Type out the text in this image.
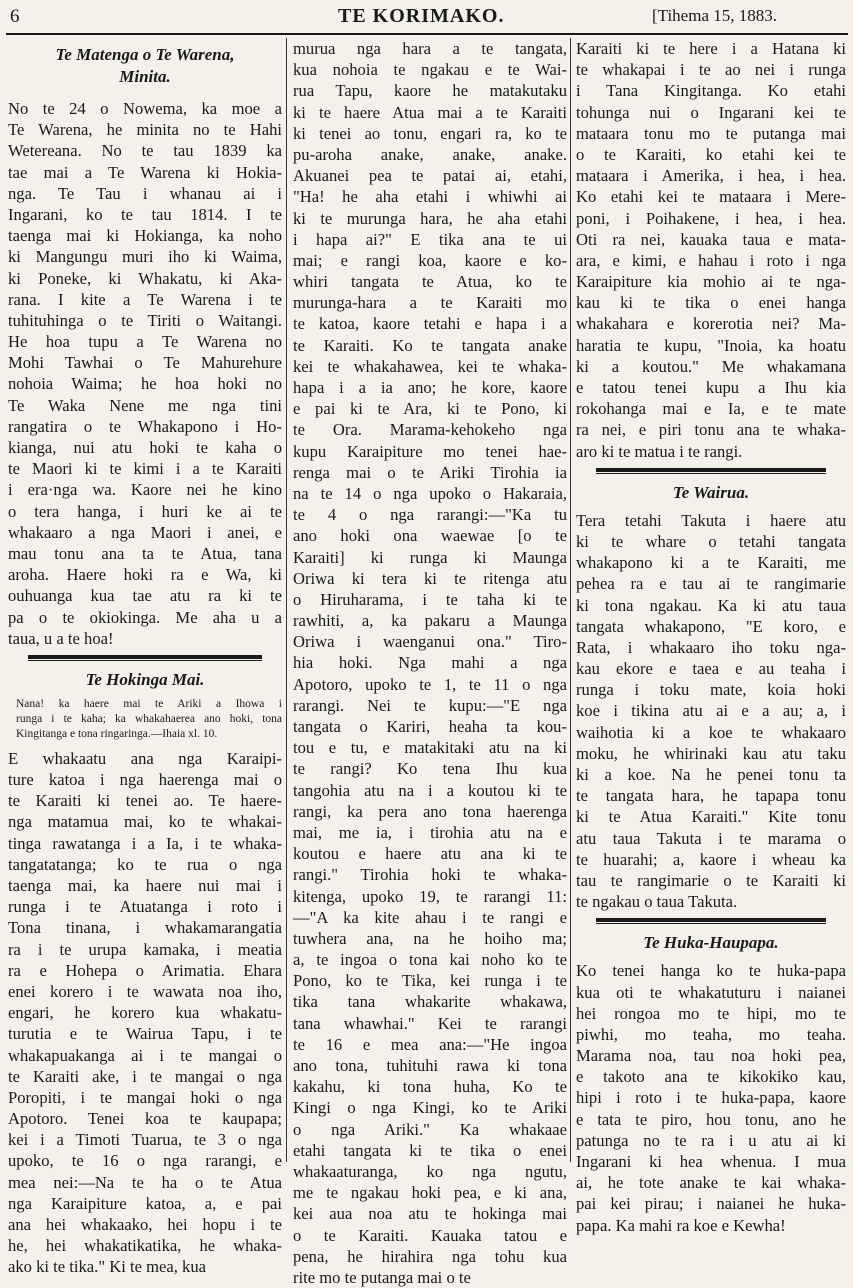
6	TE KORIMAKO.	[Tihema 15, 1883.
Te Matenga o Te Warena,
Minita.
No te 24 o Nowema, ka moe a
Te Warena, he minita no te Hahi
Wetereana. No te tau 1839 ka
tae mai a Te Warena ki Hokia-
nga. Te Tau i whanau ai i
Ingarani, ko te tau 1814. I te
taenga mai ki Hokianga, ka noho
ki Mangungu muri iho ki Waima,
ki Poneke, ki Whakatu, ki Aka-
rana. I kite a Te Warena i te
tuhituhinga o te Tiriti o Waitangi.
He hoa tupu a Te Warena no
Mohi Tawhai o Te Mahurehure
nohoia Waima; he hoa hoki no
Te Waka Nene me nga tini
rangatira o te Whakapono i Ho-
kianga, nui atu hoki te kaha o
te Maori ki te kimi i a te Karaiti
i era·nga wa. Kaore nei he kino
o tera hanga, i huri ke ai te
whakaaro a nga Maori i anei, e
mau tonu ana ta te Atua, tana
aroha. Haere hoki ra e Wa, ki
ouhuanga kua tae atu ra ki te
pa o te okiokinga. Me aha u a
taua, u a te hoa!
Te Hokinga Mai.
Nana! ka haere mai te Ariki a Ihowa i
runga i te kaha; ka whakahaerea ano hoki, tona
Kingitanga e tona ringaringa.—Ihaia xl. 10.
E whakaatu ana nga Karaipi-
ture katoa i nga haerenga mai o
te Karaiti ki tenei ao. Te haere-
nga matamua mai, ko te whakai-
tinga rawatanga i a Ia, i te whaka-
tangatatanga; ko te rua o nga
taenga mai, ka haere nui mai i
runga i te Atuatanga i roto i
Tona tinana, i whakamarangatia
ra i te urupa kamaka, i meatia
ra e Hohepa o Arimatia. Ehara
enei korero i te wawata noa iho,
engari, he korero kua whakatu-
turutia e te Wairua Tapu, i te
whakapuakanga ai i te mangai o
te Karaiti ake, i te mangai o nga
Poropiti, i te mangai hoki o nga
Apotoro. Tenei koa te kaupapa;
kei i a Timoti Tuarua, te 3 o nga
upoko, te 16 o nga rarangi, e
mea nei:—Na te ha o te Atua
nga Karaipiture katoa, a, e pai
ana hei whakaako, hei hopu i te
he, hei whakatikatika, he whaka-
ako ki te tika." Ki te mea, kua
murua nga hara a te tangata,
kua nohoia te ngakau e te Wai-
rua Tapu, kaore he matakutaku
ki te haere Atua mai a te Karaiti
ki tenei ao tonu, engari ra, ko te
pu-aroha anake, anake, anake.
Akuanei pea te patai ai, etahi,
"Ha! he aha etahi i whiwhi ai
ki te murunga hara, he aha etahi
i hapa ai?" E tika ana te ui
mai; e rangi koa, kaore e ko-
whiri tangata te Atua, ko te
murunga-hara a te Karaiti mo
te katoa, kaore tetahi e hapa i a
te Karaiti. Ko te tangata anake
kei te whakahawea, kei te whaka-
hapa i a ia ano; he kore, kaore
e pai ki te Ara, ki te Pono, ki
te Ora. Marama-kehokeho nga
kupu Karaipiture mo tenei hae-
renga mai o te Ariki Tirohia ia
na te 14 o nga upoko o Hakaraia,
te 4 o nga rarangi:—"Ka tu
ano hoki ona waewae [o te
Karaiti] ki runga ki Maunga
Oriwa ki tera ki te ritenga atu
o Hiruharama, i te taha ki te
rawhiti, a, ka pakaru a Maunga
Oriwa i waenganui ona." Tiro-
hia hoki. Nga mahi a nga
Apotoro, upoko te 1, te 11 o nga
rarangi. Nei te kupu:—"E nga
tangata o Kariri, heaha ta kou-
tou e tu, e matakitaki atu na ki
te rangi? Ko tena Ihu kua
tangohia atu na i a koutou ki te
rangi, ka pera ano tona haerenga
mai, me ia, i tirohia atu na e
koutou e haere atu ana ki te
rangi." Tirohia hoki te whaka-
kitenga, upoko 19, te rarangi 11:
—"A ka kite ahau i te rangi e
tuwhera ana, na he hoiho ma;
a, te ingoa o tona kai noho ko te
Pono, ko te Tika, kei runga i te
tika tana whakarite whakawa,
tana whawhai." Kei te rarangi
te 16 e mea ana:—"He ingoa
ano tona, tuhituhi rawa ki tona
kakahu, ki tona huha, Ko te
Kingi o nga Kingi, ko te Ariki
o nga Ariki." Ka whakaae
etahi tangata ki te tika o enei
whakaaturanga, ko nga ngutu,
me te ngakau hoki pea, e ki ana,
kei aua noa atu te hokinga mai
o te Karaiti. Kauaka tatou e
pena, he hirahira nga tohu kua
rite mo te putanga mai o te
Karaiti ki te here i a Hatana ki
te whakapai i te ao nei i runga
i Tana Kingitanga. Ko etahi
tohunga nui o Ingarani kei te
mataara tonu mo te putanga mai
o te Karaiti, ko etahi kei te
mataara i Amerika, i hea, i hea.
Ko etahi kei te mataara i Mere-
poni, i Poihakene, i hea, i hea.
Oti ra nei, kauaka taua e mata-
ara, e kimi, e hahau i roto i nga
Karaipiture kia mohio ai te nga-
kau ki te tika o enei hanga
whakahara e korerotia nei? Ma-
haratia te kupu, "Inoia, ka hoatu
ki a koutou." Me whakamana
e tatou tenei kupu a Ihu kia
rokohanga mai e Ia, e te mate
ra nei, e piri tonu ana te whaka-
aro ki te matua i te rangi.
Te Wairua.
Tera tetahi Takuta i haere atu
ki te whare o tetahi tangata
whakapono ki a te Karaiti, me
pehea ra e tau ai te rangimarie
ki tona ngakau. Ka ki atu taua
tangata whakapono, "E koro, e
Rata, i whakaaro iho toku nga-
kau ekore e taea e au teaha i
runga i toku mate, koia hoki
koe i tikina atu ai e a au; a, i
waihotia ki a koe te whakaaro
moku, he whirinaki kau atu taku
ki a koe. Na he penei tonu ta
te tangata hara, he tapapa tonu
ki te Atua Karaiti." Kite tonu
atu taua Takuta i te marama o
te huarahi; a, kaore i wheau ka
tau te rangimarie o te Karaiti ki
te ngakau o taua Takuta.
Te Huka-Haupapa.
Ko tenei hanga ko te huka-papa
kua oti te whakatuturu i naianei
hei rongoa mo te hipi, mo te
piwhi, mo teaha, mo teaha.
Marama noa, tau noa hoki pea,
e takoto ana te kikokiko kau,
hipi i roto i te huka-papa, kaore
e tata te piro, hou tonu, ano he
patunga no te ra i u atu ai ki
Ingarani ki hea whenua. I mua
ai, he tote anake te kai whaka-
pai kei pirau; i naianei he huka-
papa. Ka mahi ra koe e Kewha!
